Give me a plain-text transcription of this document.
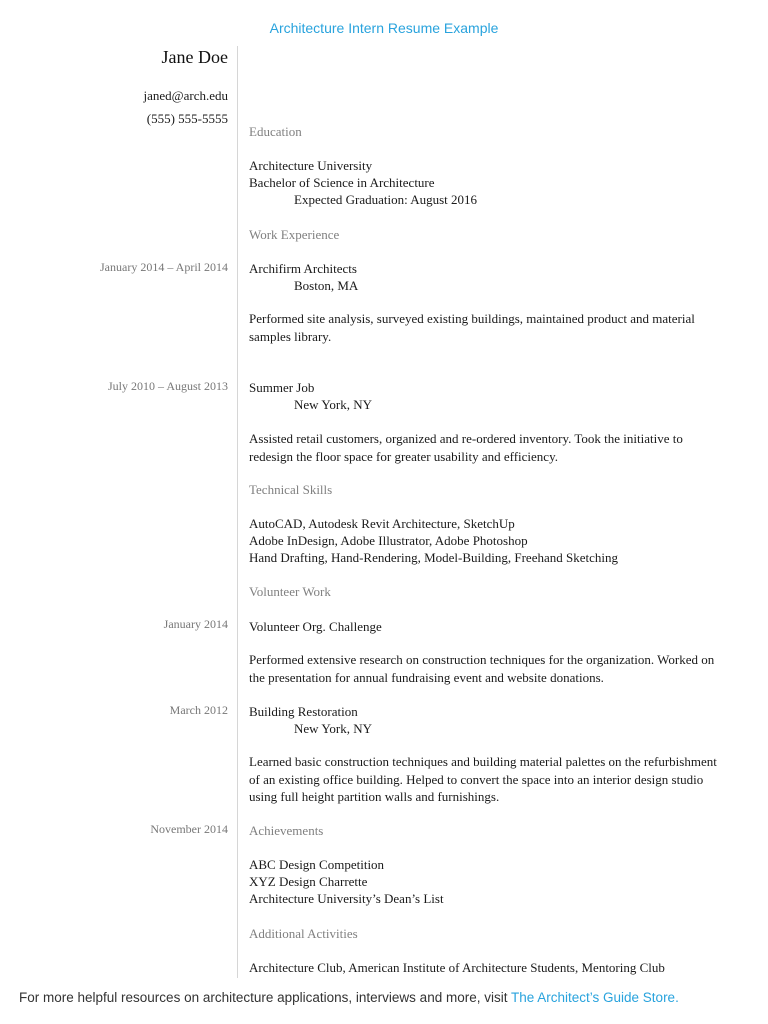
Architecture Intern Resume Example
Jane Doe
janed@arch.edu
(555) 555-5555
Education
Architecture University
Bachelor of Science in Architecture
Expected Graduation: August 2016
Work Experience
January 2014 – April 2014 Archifirm Architects
Boston, MA
Performed site analysis, surveyed existing buildings, maintained product and material samples library.
July 2010 – August 2013 Summer Job
New York, NY
Assisted retail customers, organized and re-ordered inventory. Took the initiative to redesign the floor space for greater usability and efficiency.
Technical Skills
AutoCAD, Autodesk Revit Architecture, SketchUp
Adobe InDesign, Adobe Illustrator, Adobe Photoshop
Hand Drafting, Hand-Rendering, Model-Building, Freehand Sketching
Volunteer Work
January 2014 Volunteer Org. Challenge
Performed extensive research on construction techniques for the organization. Worked on the presentation for annual fundraising event and website donations.
March 2012 Building Restoration
New York, NY
Learned basic construction techniques and building material palettes on the refurbishment of an existing office building. Helped to convert the space into an interior design studio using full height partition walls and furnishings.
November 2014 Achievements
ABC Design Competition
XYZ Design Charrette
Architecture University’s Dean’s List
Additional Activities
Architecture Club, American Institute of Architecture Students, Mentoring Club
For more helpful resources on architecture applications, interviews and more, visit The Architect’s Guide Store.
